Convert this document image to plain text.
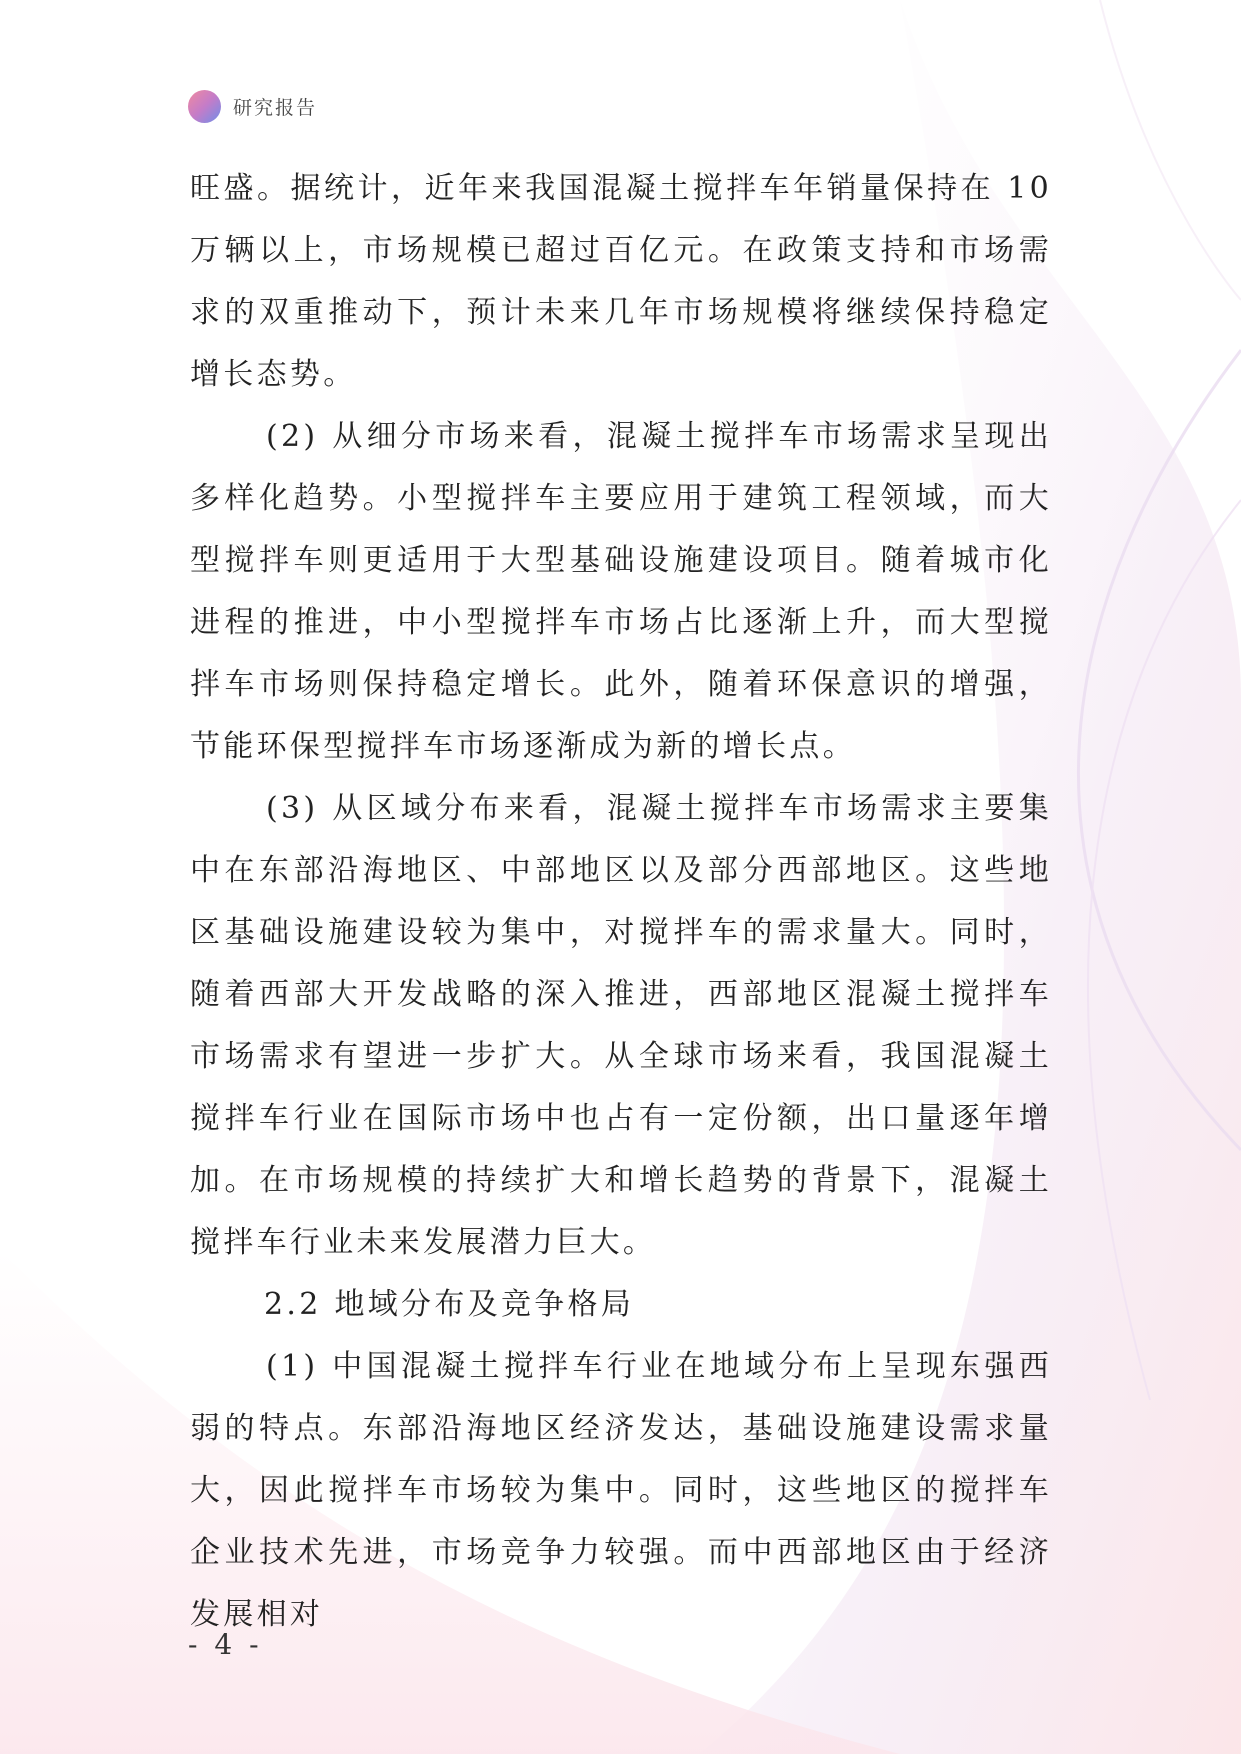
研究报告

旺盛。据统计，近年来我国混凝土搅拌车年销量保持在 10 万辆以上，市场规模已超过百亿元。在政策支持和市场需求的双重推动下，预计未来几年市场规模将继续保持稳定增长态势。

(2) 从细分市场来看，混凝土搅拌车市场需求呈现出多样化趋势。小型搅拌车主要应用于建筑工程领域，而大型搅拌车则更适用于大型基础设施建设项目。随着城市化进程的推进，中小型搅拌车市场占比逐渐上升，而大型搅拌车市场则保持稳定增长。此外，随着环保意识的增强，节能环保型搅拌车市场逐渐成为新的增长点。

(3) 从区域分布来看，混凝土搅拌车市场需求主要集中在东部沿海地区、中部地区以及部分西部地区。这些地区基础设施建设较为集中，对搅拌车的需求量大。同时，随着西部大开发战略的深入推进，西部地区混凝土搅拌车市场需求有望进一步扩大。从全球市场来看，我国混凝土搅拌车行业在国际市场中也占有一定份额，出口量逐年增加。在市场规模的持续扩大和增长趋势的背景下，混凝土搅拌车行业未来发展潜力巨大。

2.2 地域分布及竞争格局

(1) 中国混凝土搅拌车行业在地域分布上呈现东强西弱的特点。东部沿海地区经济发达，基础设施建设需求量大，因此搅拌车市场较为集中。同时，这些地区的搅拌车企业技术先进，市场竞争力较强。而中西部地区由于经济发展相对

- 4 -
